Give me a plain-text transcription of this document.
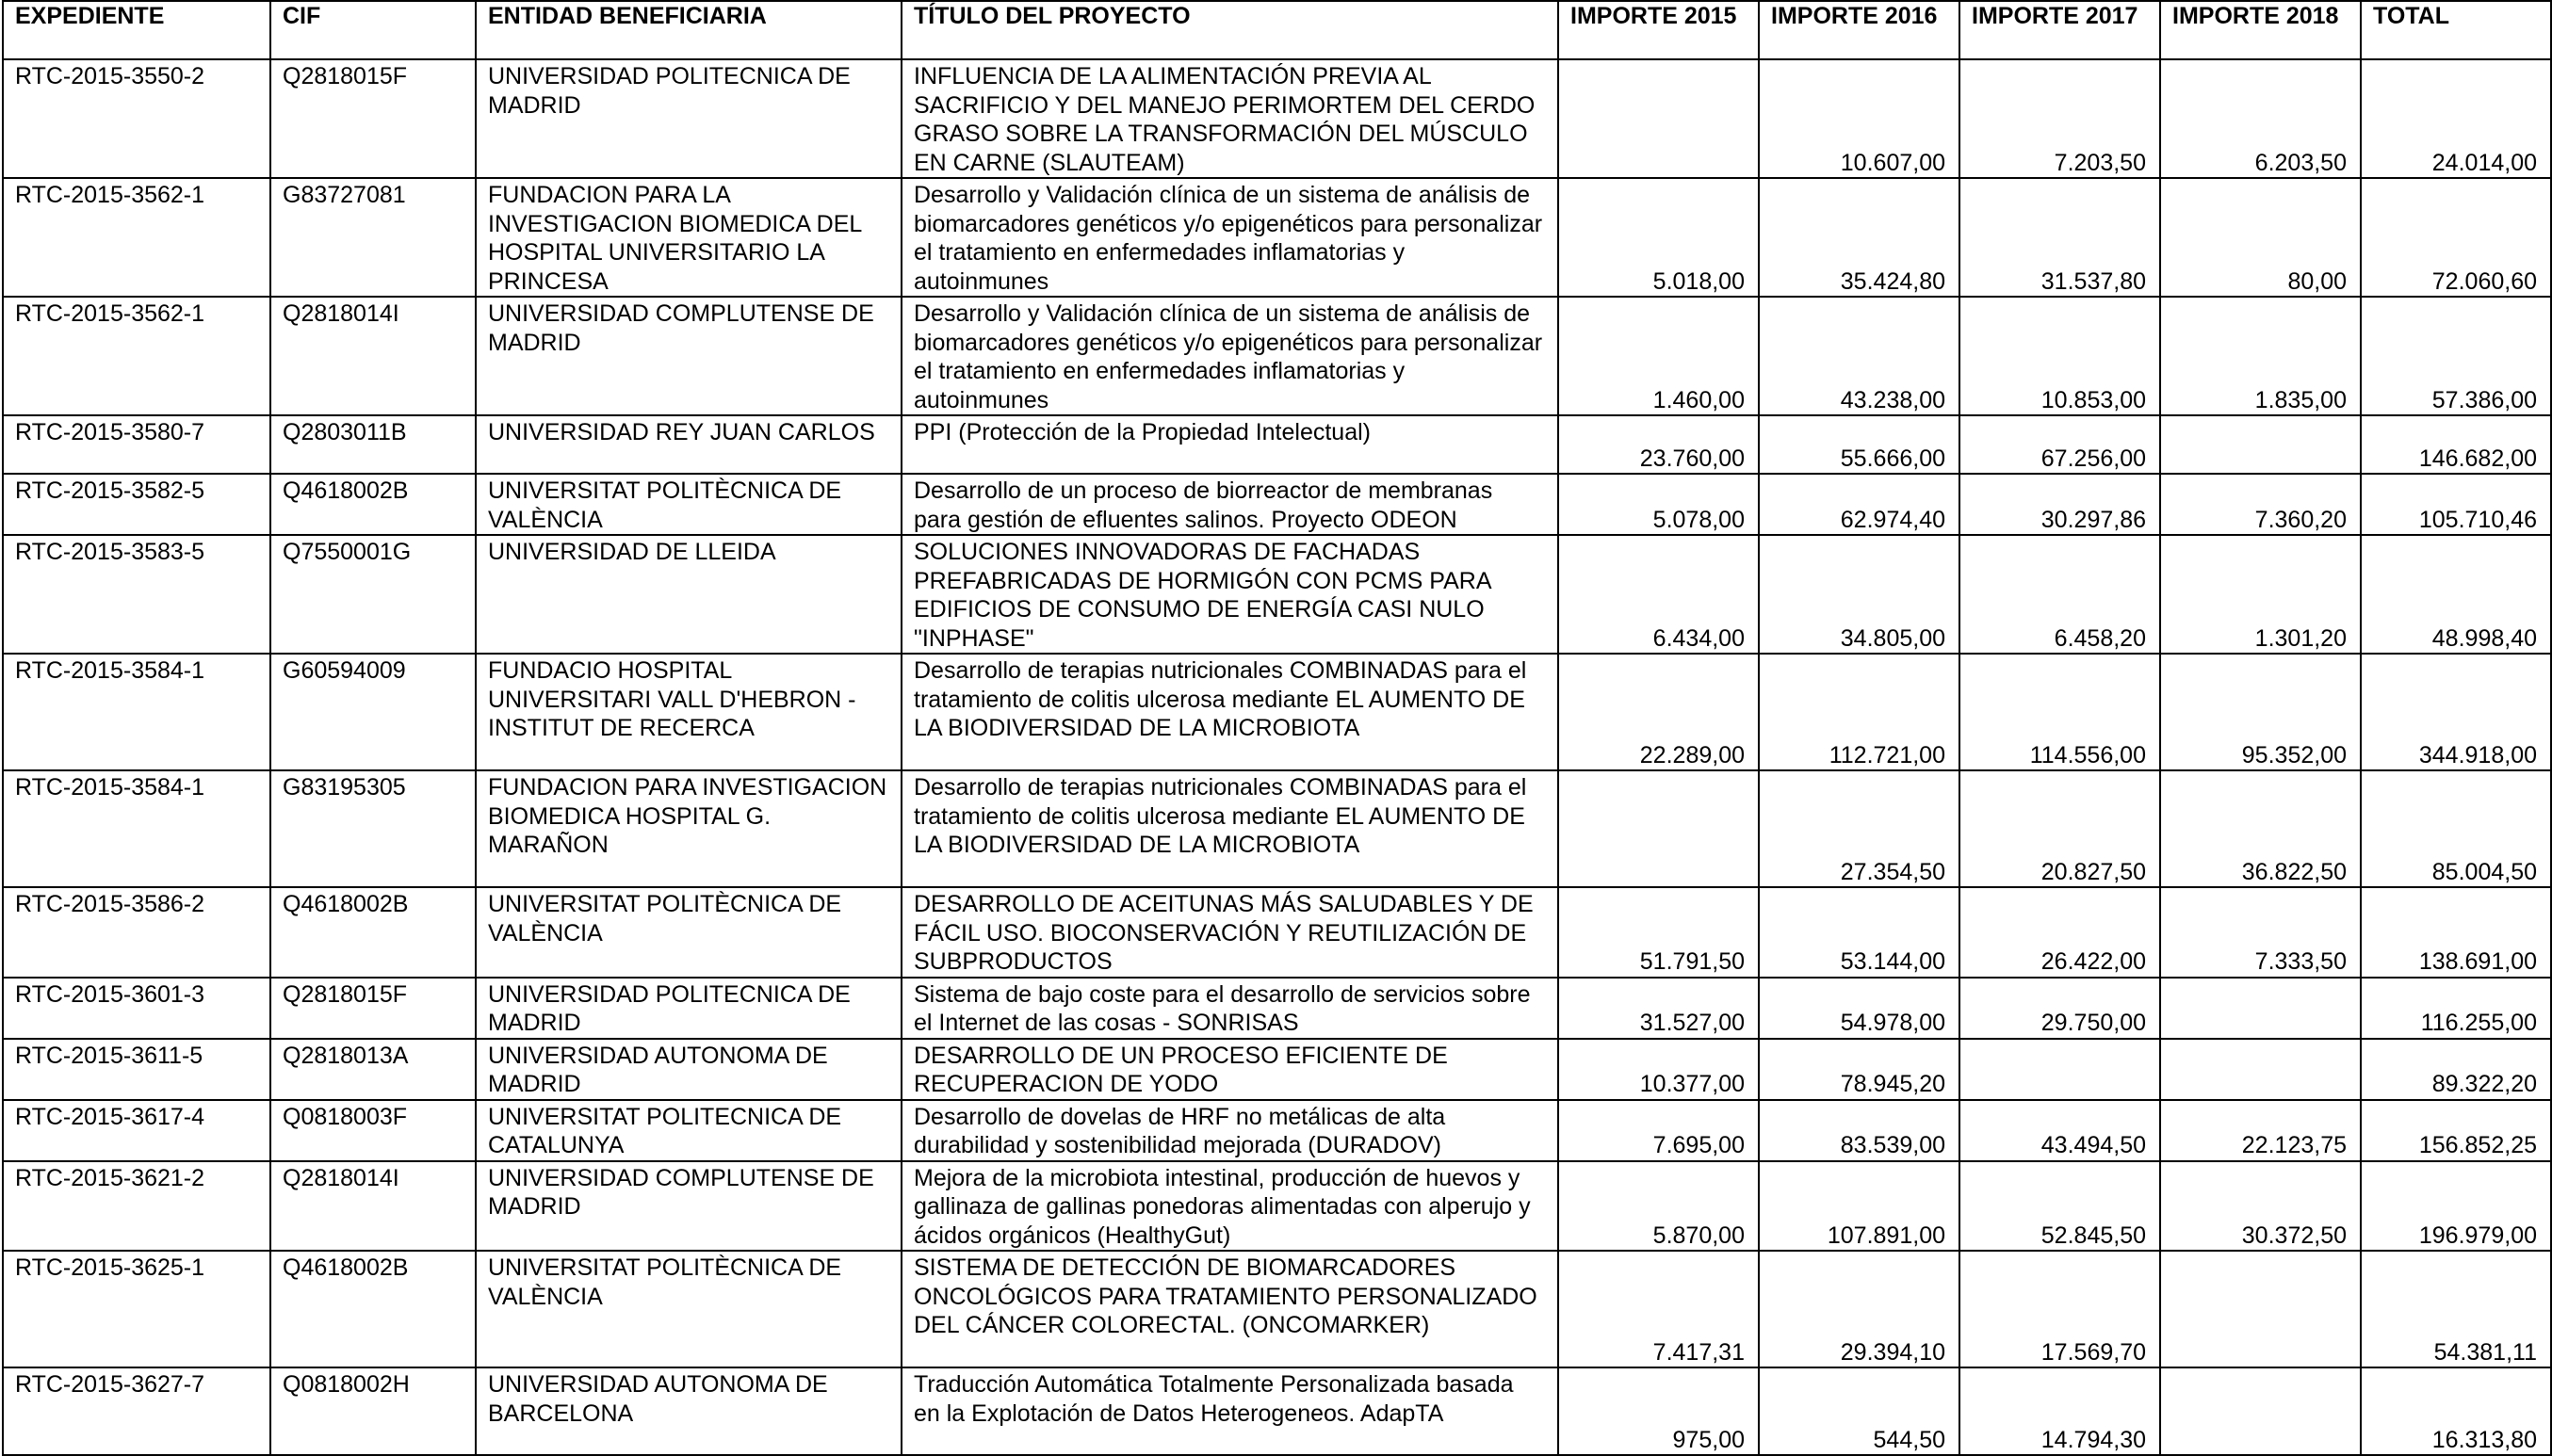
EXPEDIENTE	CIF	ENTIDAD BENEFICIARIA	TÍTULO DEL PROYECTO	IMPORTE 2015	IMPORTE 2016	IMPORTE 2017	IMPORTE 2018	TOTAL
RTC-2015-3550-2	Q2818015F	UNIVERSIDAD POLITECNICA DE MADRID	INFLUENCIA DE LA ALIMENTACIÓN PREVIA AL SACRIFICIO Y DEL MANEJO PERIMORTEM DEL CERDO GRASO SOBRE LA TRANSFORMACIÓN DEL MÚSCULO EN CARNE (SLAUTEAM)		10.607,00	7.203,50	6.203,50	24.014,00
RTC-2015-3562-1	G83727081	FUNDACION PARA LA INVESTIGACION BIOMEDICA DEL HOSPITAL UNIVERSITARIO LA PRINCESA	Desarrollo y Validación clínica de un sistema de análisis de biomarcadores genéticos y/o epigenéticos para personalizar el tratamiento en enfermedades inflamatorias y autoinmunes	5.018,00	35.424,80	31.537,80	80,00	72.060,60
RTC-2015-3562-1	Q2818014I	UNIVERSIDAD COMPLUTENSE DE MADRID	Desarrollo y Validación clínica de un sistema de análisis de biomarcadores genéticos y/o epigenéticos para personalizar el tratamiento en enfermedades inflamatorias y autoinmunes	1.460,00	43.238,00	10.853,00	1.835,00	57.386,00
RTC-2015-3580-7	Q2803011B	UNIVERSIDAD REY JUAN CARLOS	PPI (Protección de la Propiedad Intelectual)	23.760,00	55.666,00	67.256,00		146.682,00
RTC-2015-3582-5	Q4618002B	UNIVERSITAT POLITÈCNICA DE VALÈNCIA	Desarrollo de un proceso de biorreactor de membranas para gestión de efluentes salinos. Proyecto ODEON	5.078,00	62.974,40	30.297,86	7.360,20	105.710,46
RTC-2015-3583-5	Q7550001G	UNIVERSIDAD DE LLEIDA	SOLUCIONES INNOVADORAS DE FACHADAS PREFABRICADAS DE HORMIGÓN CON PCMS PARA EDIFICIOS DE CONSUMO DE ENERGÍA CASI NULO "INPHASE"	6.434,00	34.805,00	6.458,20	1.301,20	48.998,40
RTC-2015-3584-1	G60594009	FUNDACIO HOSPITAL UNIVERSITARI VALL D'HEBRON - INSTITUT DE RECERCA	Desarrollo de terapias nutricionales COMBINADAS para el tratamiento de colitis ulcerosa mediante EL AUMENTO DE LA BIODIVERSIDAD DE LA MICROBIOTA	22.289,00	112.721,00	114.556,00	95.352,00	344.918,00
RTC-2015-3584-1	G83195305	FUNDACION PARA INVESTIGACION BIOMEDICA HOSPITAL G. MARAÑON	Desarrollo de terapias nutricionales COMBINADAS para el tratamiento de colitis ulcerosa mediante EL AUMENTO DE LA BIODIVERSIDAD DE LA MICROBIOTA		27.354,50	20.827,50	36.822,50	85.004,50
RTC-2015-3586-2	Q4618002B	UNIVERSITAT POLITÈCNICA DE VALÈNCIA	DESARROLLO DE ACEITUNAS MÁS SALUDABLES Y DE FÁCIL USO. BIOCONSERVACIÓN Y REUTILIZACIÓN DE SUBPRODUCTOS	51.791,50	53.144,00	26.422,00	7.333,50	138.691,00
RTC-2015-3601-3	Q2818015F	UNIVERSIDAD POLITECNICA DE MADRID	Sistema de bajo coste para el desarrollo de servicios sobre el Internet de las cosas - SONRISAS	31.527,00	54.978,00	29.750,00		116.255,00
RTC-2015-3611-5	Q2818013A	UNIVERSIDAD AUTONOMA DE MADRID	DESARROLLO DE UN PROCESO EFICIENTE DE RECUPERACION DE YODO	10.377,00	78.945,20			89.322,20
RTC-2015-3617-4	Q0818003F	UNIVERSITAT POLITECNICA DE CATALUNYA	Desarrollo de dovelas de HRF no metálicas de alta durabilidad y sostenibilidad mejorada (DURADOV)	7.695,00	83.539,00	43.494,50	22.123,75	156.852,25
RTC-2015-3621-2	Q2818014I	UNIVERSIDAD COMPLUTENSE DE MADRID	Mejora de la microbiota intestinal, producción de huevos y gallinaza de gallinas ponedoras alimentadas con alperujo y ácidos orgánicos (HealthyGut)	5.870,00	107.891,00	52.845,50	30.372,50	196.979,00
RTC-2015-3625-1	Q4618002B	UNIVERSITAT POLITÈCNICA DE VALÈNCIA	SISTEMA DE DETECCIÓN DE BIOMARCADORES ONCOLÓGICOS PARA TRATAMIENTO PERSONALIZADO DEL CÁNCER COLORECTAL. (ONCOMARKER)	7.417,31	29.394,10	17.569,70		54.381,11
RTC-2015-3627-7	Q0818002H	UNIVERSIDAD AUTONOMA DE BARCELONA	Traducción Automática Totalmente Personalizada basada en la Explotación de Datos Heterogeneos. AdapTA	975,00	544,50	14.794,30		16.313,80
